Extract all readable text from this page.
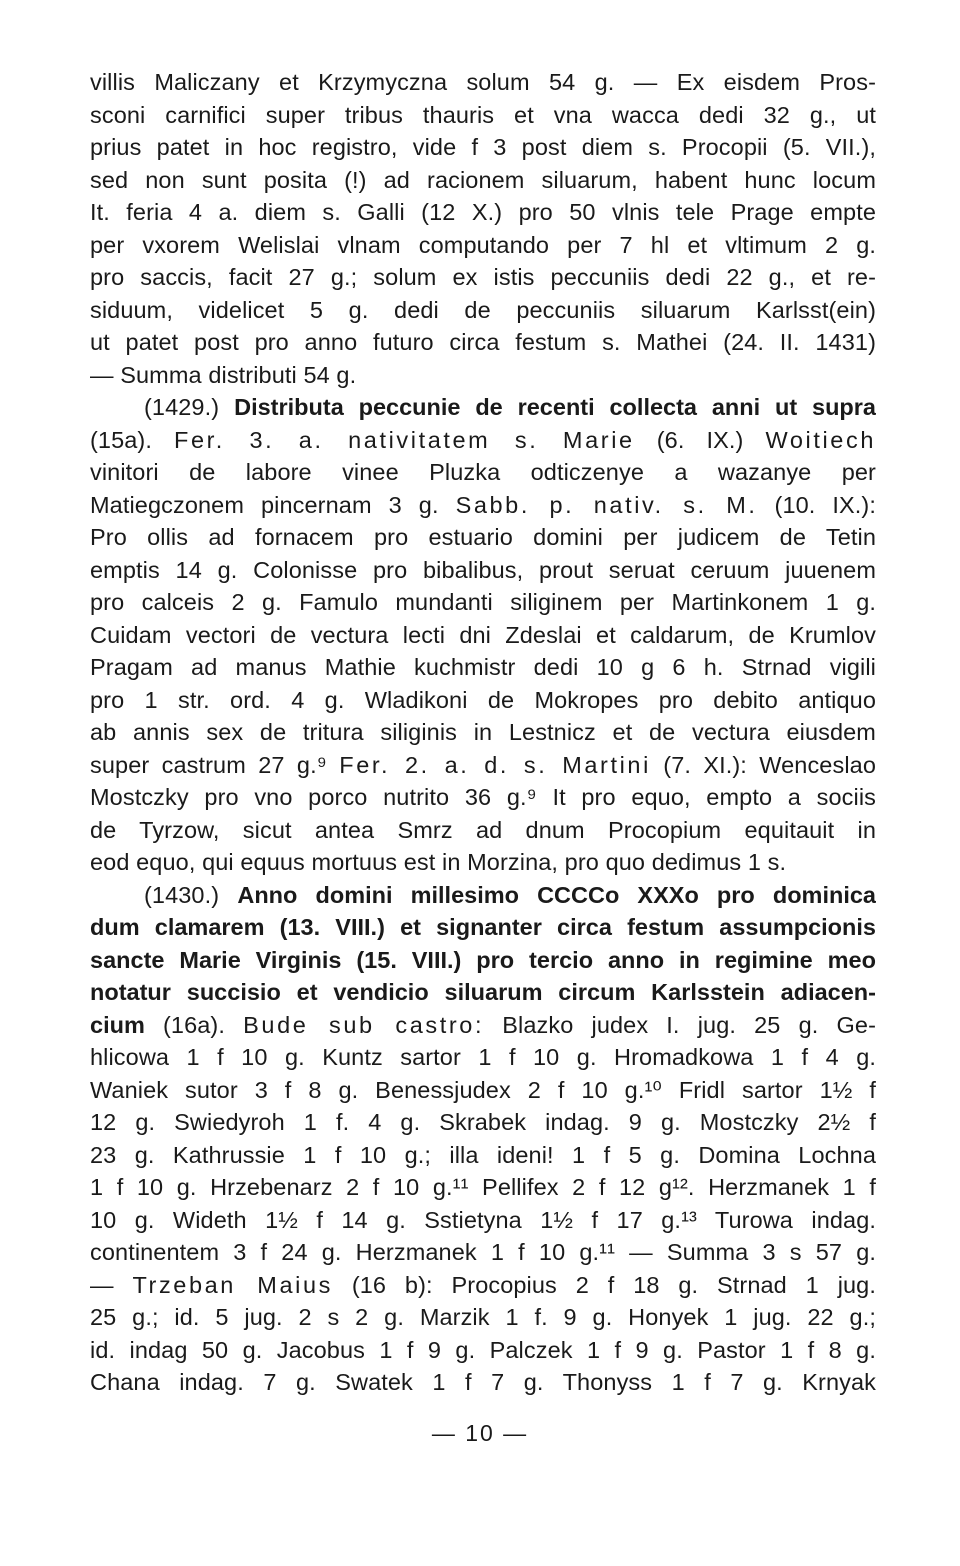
villis Maliczany et Krzymyczna solum 54 g. — Ex eisdem Pros-
sconi carnifici super tribus thauris et vna wacca dedi 32 g., ut
prius patet in hoc registro, vide f 3 post diem s. Procopii (5. VII.),
sed non sunt posita (!) ad racionem siluarum, habent hunc locum
It. feria 4 a. diem s. Galli (12 X.) pro 50 vlnis tele Prage empte
per vxorem Welislai vlnam computando per 7 hl et vltimum 2 g.
pro saccis, facit 27 g.; solum ex istis peccuniis dedi 22 g., et re-
siduum, videlicet 5 g. dedi de peccuniis siluarum Karlsst(ein)
ut patet post pro anno futuro circa festum s. Mathei (24. II. 1431)
— Summa distributi 54 g.
(1429.) Distributa peccunie de recenti collecta anni ut supra
(15a). Fer. 3. a. nativitatem s. Marie (6. IX.) Woitiech
vinitori de labore vinee Pluzka odticzenye a wazanye per
Matiegczonem pincernam 3 g. Sabb. p. nativ. s. M. (10. IX.):
Pro ollis ad fornacem pro estuario domini per judicem de Tetin
emptis 14 g. Colonisse pro bibalibus, prout seruat ceruum juuenem
pro calceis 2 g. Famulo mundanti siliginem per Martinkonem 1 g.
Cuidam vectori de vectura lecti dni Zdeslai et caldarum, de Krumlov
Pragam ad manus Mathie kuchmistr dedi 10 g 6 h. Strnad vigili
pro 1 str. ord. 4 g. Wladikoni de Mokropes pro debito antiquo
ab annis sex de tritura siliginis in Lestnicz et de vectura eiusdem
super castrum 27 g.⁹ Fer. 2. a. d. s. Martini (7. XI.): Wenceslao
Mostczky pro vno porco nutrito 36 g.⁹ It pro equo, empto a sociis
de Tyrzow, sicut antea Smrz ad dnum Procopium equitauit in
eod equo, qui equus mortuus est in Morzina, pro quo dedimus 1 s.
(1430.) Anno domini millesimo CCCCo XXXo pro dominica
dum clamarem (13. VIII.) et signanter circa festum assumpcionis
sancte Marie Virginis (15. VIII.) pro tercio anno in regimine meo
notatur succisio et vendicio siluarum circum Karlsstein adiacen-
cium (16a). Bude sub castro: Blazko judex I. jug. 25 g. Ge-
hlicowa 1 f 10 g. Kuntz sartor 1 f 10 g. Hromadkowa 1 f 4 g.
Waniek sutor 3 f 8 g. Benessjudex 2 f 10 g.¹⁰ Fridl sartor 1½ f
12 g. Swiedyroh 1 f. 4 g. Skrabek indag. 9 g. Mostczky 2½ f
23 g. Kathrussie 1 f 10 g.; illa ideni! 1 f 5 g. Domina Lochna
1 f 10 g. Hrzebenarz 2 f 10 g.¹¹ Pellifex 2 f 12 g¹². Herzmanek 1 f
10 g. Wideth 1½ f 14 g. Sstietyna 1½ f 17 g.¹³ Turowa indag.
continentem 3 f 24 g. Herzmanek 1 f 10 g.¹¹ — Summa 3 s 57 g.
— Trzeban Maius (16 b): Procopius 2 f 18 g. Strnad 1 jug.
25 g.; id. 5 jug. 2 s 2 g. Marzik 1 f. 9 g. Honyek 1 jug. 22 g.;
id. indag 50 g. Jacobus 1 f 9 g. Palczek 1 f 9 g. Pastor 1 f 8 g.
Chana indag. 7 g. Swatek 1 f 7 g. Thonyss 1 f 7 g. Krnyak
— 10 —
